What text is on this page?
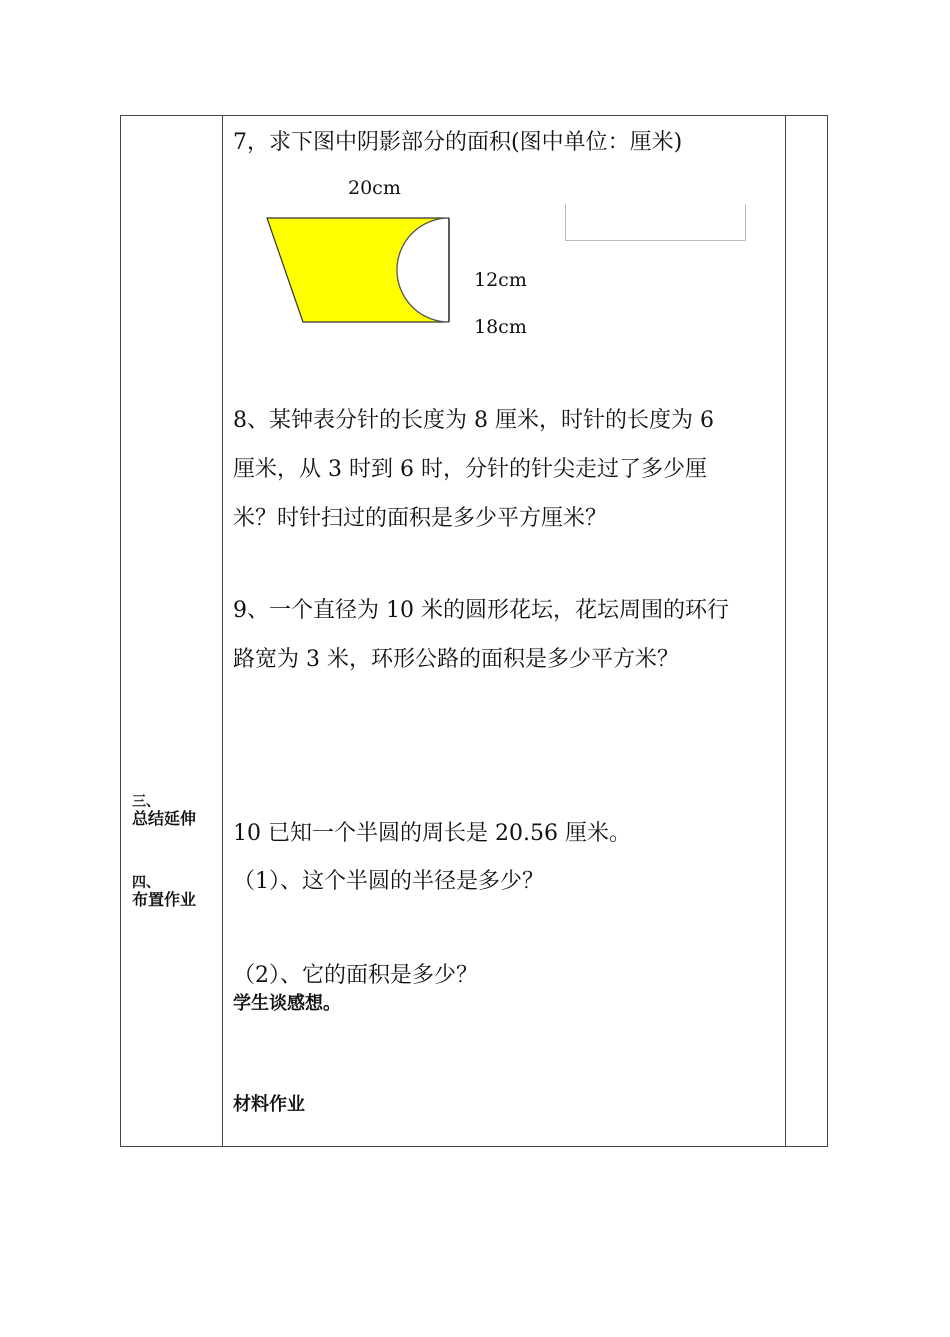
三、
总结延伸
四、
布置作业
7，求下图中阴影部分的面积(图中单位：厘米)
20cm
12cm
18cm
8、某钟表分针的长度为 8 厘米，时针的长度为 6
厘米，从 3 时到 6 时，分针的针尖走过了多少厘
米？时针扫过的面积是多少平方厘米？
9、一个直径为 10 米的圆形花坛，花坛周围的环行
路宽为 3 米，环形公路的面积是多少平方米？
10 已知一个半圆的周长是 20.56 厘米。
（1）、这个半圆的半径是多少？
（2）、它的面积是多少？
学生谈感想。
材料作业
